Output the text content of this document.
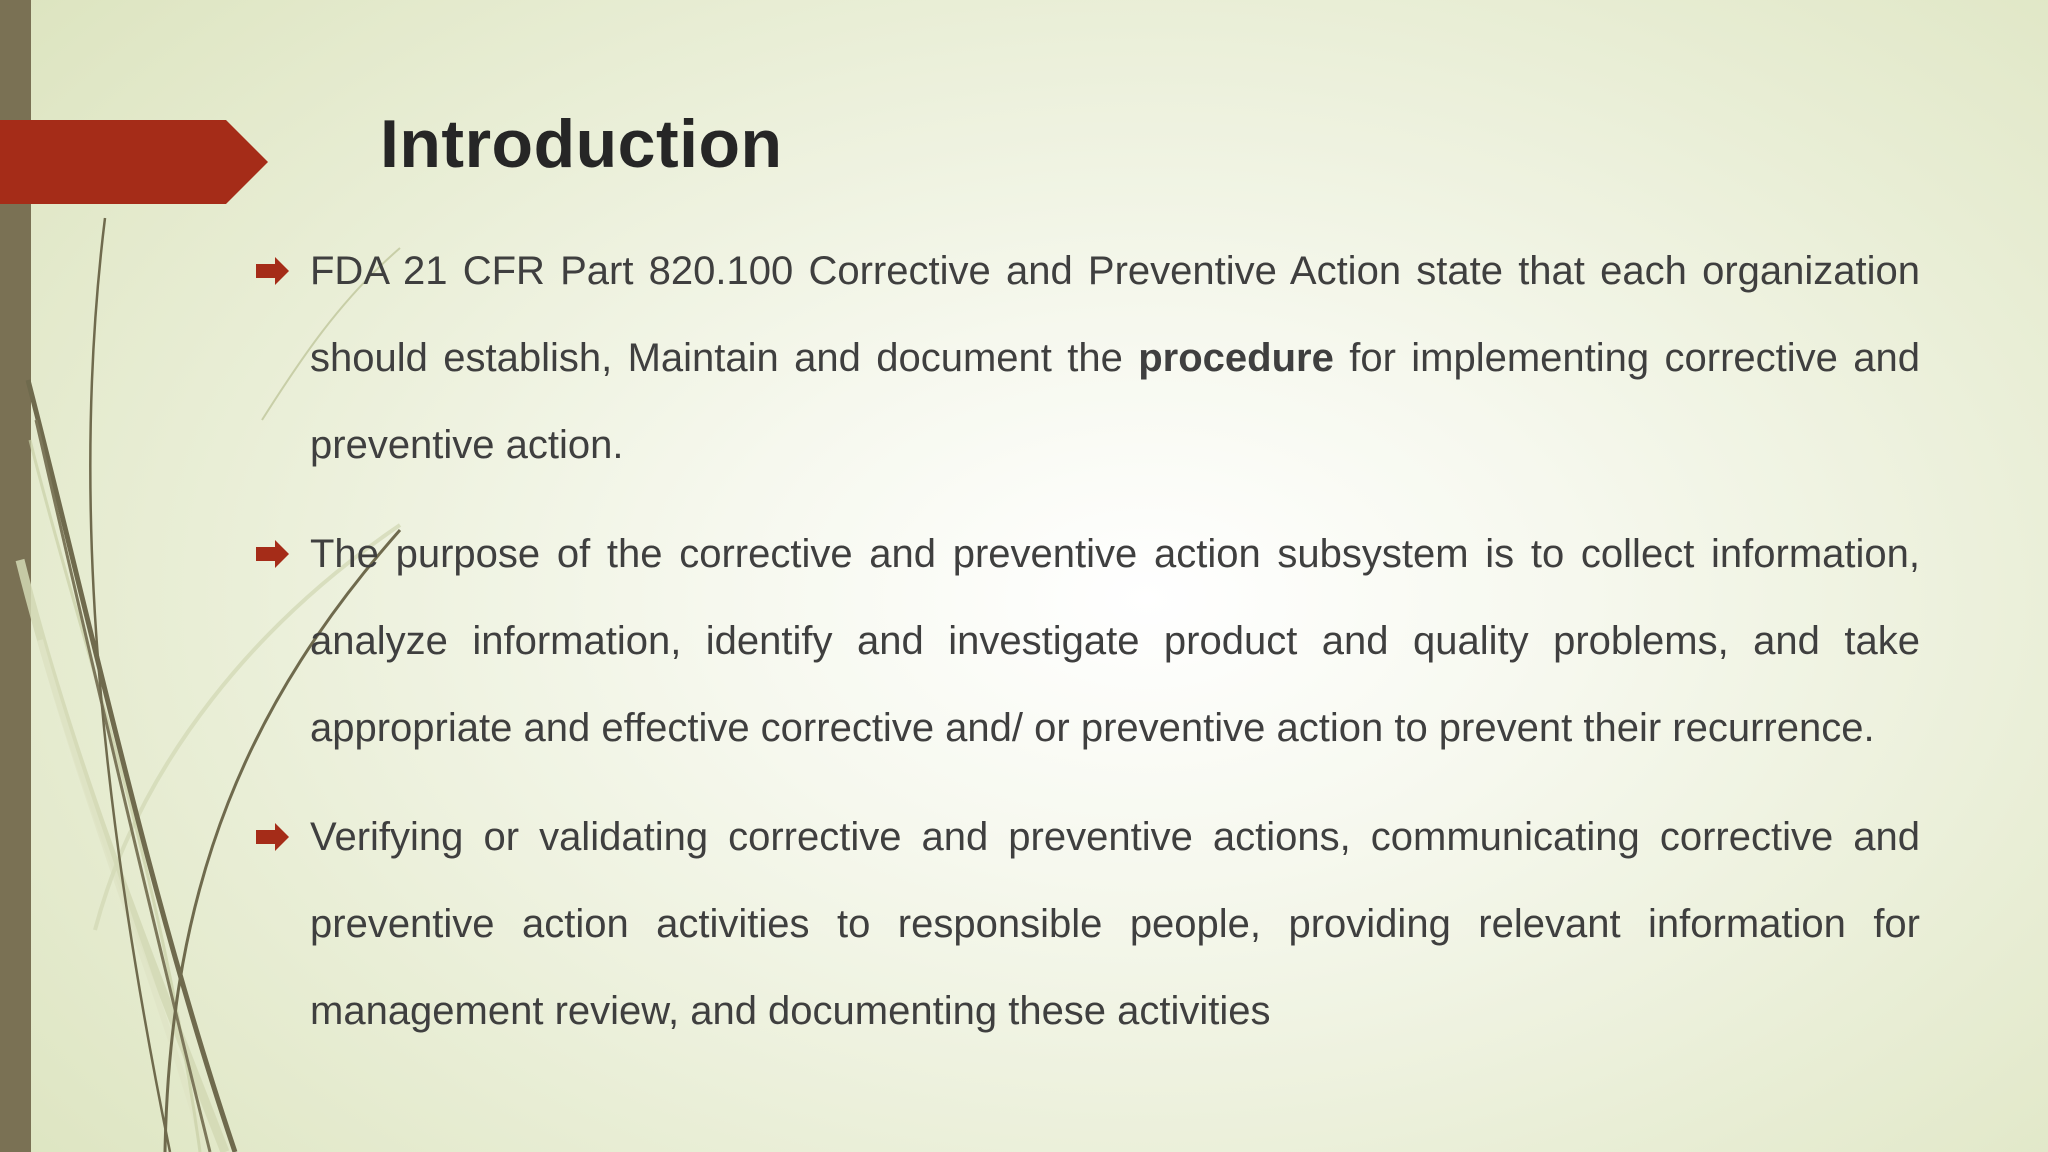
Introduction
FDA 21 CFR Part 820.100 Corrective and Preventive Action state that each organization should establish, Maintain and document the procedure for implementing corrective and preventive action.
The purpose of the corrective and preventive action subsystem is to collect information, analyze information, identify and investigate product and quality problems, and take appropriate and effective corrective and/ or preventive action to prevent their recurrence.
Verifying or validating corrective and preventive actions, communicating corrective and preventive action activities to responsible people, providing relevant information for management review, and documenting these activities
